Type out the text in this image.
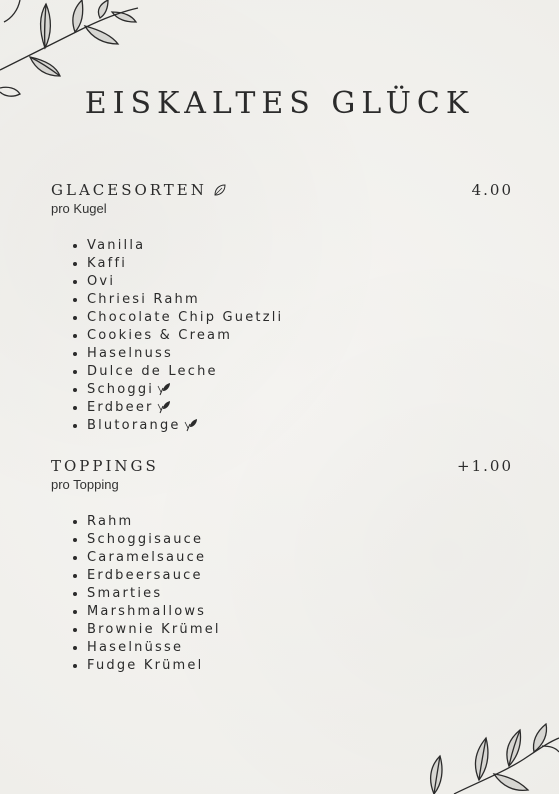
EISKALTES GLÜCK
GLACESORTEN	4.00
pro Kugel
Vanilla
Kaffi
Ovi
Chriesi Rahm
Chocolate Chip Guetzli
Cookies & Cream
Haselnuss
Dulce de Leche
Schoggi
Erdbeer
Blutorange
TOPPINGS	+1.00
pro Topping
Rahm
Schoggisauce
Caramelsauce
Erdbeersauce
Smarties
Marshmallows
Brownie Krümel
Haselnüsse
Fudge Krümel
